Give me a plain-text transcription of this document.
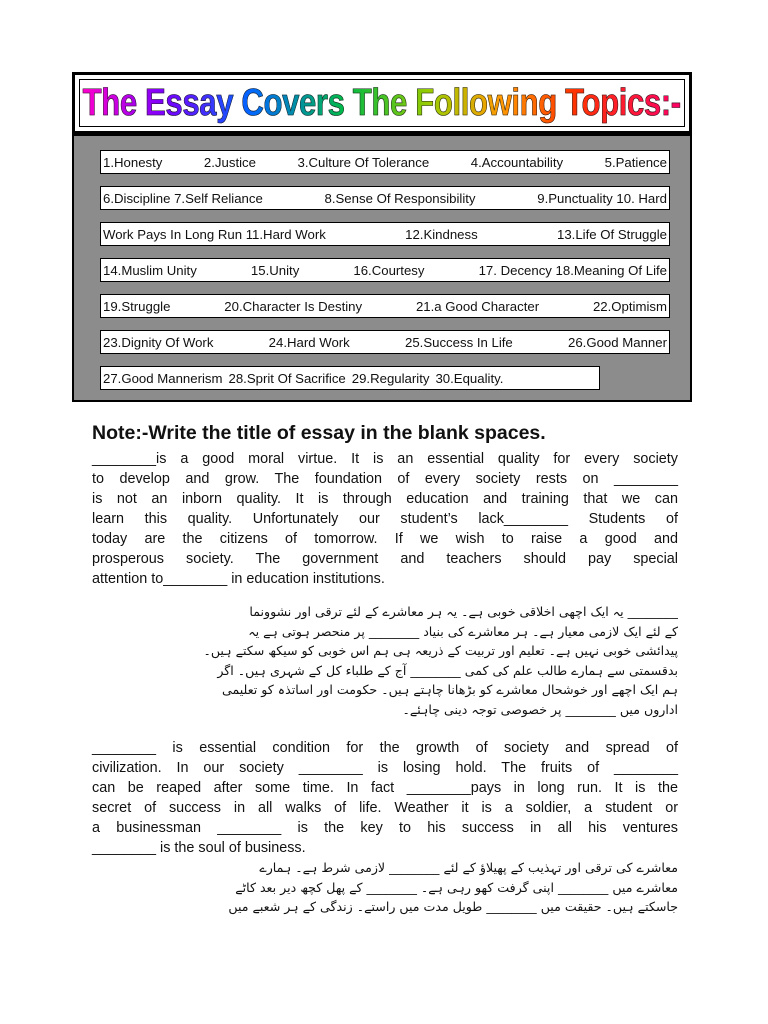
The Essay Covers The Following Topics:-
1.Honesty	2.Justice	3.Culture Of Tolerance	4.Accountability	5.Patience
6.Discipline 7.Self Reliance	8.Sense Of Responsibility	9.Punctuality 10. Hard
Work Pays In Long Run 11.Hard Work	12.Kindness	13.Life Of Struggle
14.Muslim Unity	15.Unity	16.Courtesy	17. Decency 18.Meaning Of Life
19.Struggle	20.Character Is Destiny	21.a Good Character	22.Optimism
23.Dignity Of Work	24.Hard Work	25.Success In Life	26.Good Manner
27.Good Mannerism 28.Sprit Of Sacrifice 29.Regularity 30.Equality.
Note:-Write the title of essay in the blank spaces.

________is a good moral virtue. It is an essential quality for every society
to develop and grow. The foundation of every society rests on ________
is not an inborn quality. It is through education and training that we can
learn this quality. Unfortunately our student’s lack________ Students of
today are the citizens of tomorrow. If we wish to raise a good and
prosperous society. The government and teachers should pay special
attention to________ in education institutions.

________ یہ ایک اچھی اخلاقی خوبی ہے۔ یہ ہر معاشرے کے لئے ترقی اور نشوونما
کے لئے ایک لازمی معیار ہے۔ ہر معاشرے کی بنیاد ________ پر منحصر ہوتی ہے یہ
پیدائشی خوبی نہیں ہے۔ تعلیم اور تربیت کے ذریعہ ہی ہم اس خوبی کو سیکھ سکتے ہیں۔
بدقسمتی سے ہمارے طالب علم کی کمی ________ آج کے طلباء کل کے شہری ہیں۔ اگر
ہم ایک اچھے اور خوشحال معاشرے کو بڑھانا چاہتے ہیں۔ حکومت اور اساتذہ کو تعلیمی
اداروں میں ________ پر خصوصی توجہ دینی چاہئے۔

________ is essential condition for the growth of society and spread of
civilization. In our society ________ is losing hold. The fruits of ________
can be reaped after some time. In fact ________pays in long run. It is the
secret of success in all walks of life. Weather it is a soldier, a student or
a businessman ________ is the key to his success in all his ventures
________ is the soul of business.

معاشرے کی ترقی اور تہذیب کے پھیلاؤ کے لئے ________ لازمی شرط ہے۔ ہمارے
معاشرے میں ________ اپنی گرفت کھو رہی ہے۔ ________ کے پھل کچھ دیر بعد کاٹے
جاسکتے ہیں۔ حقیقت میں ________ طویل مدت میں راستے۔ زندگی کے ہر شعبے میں
